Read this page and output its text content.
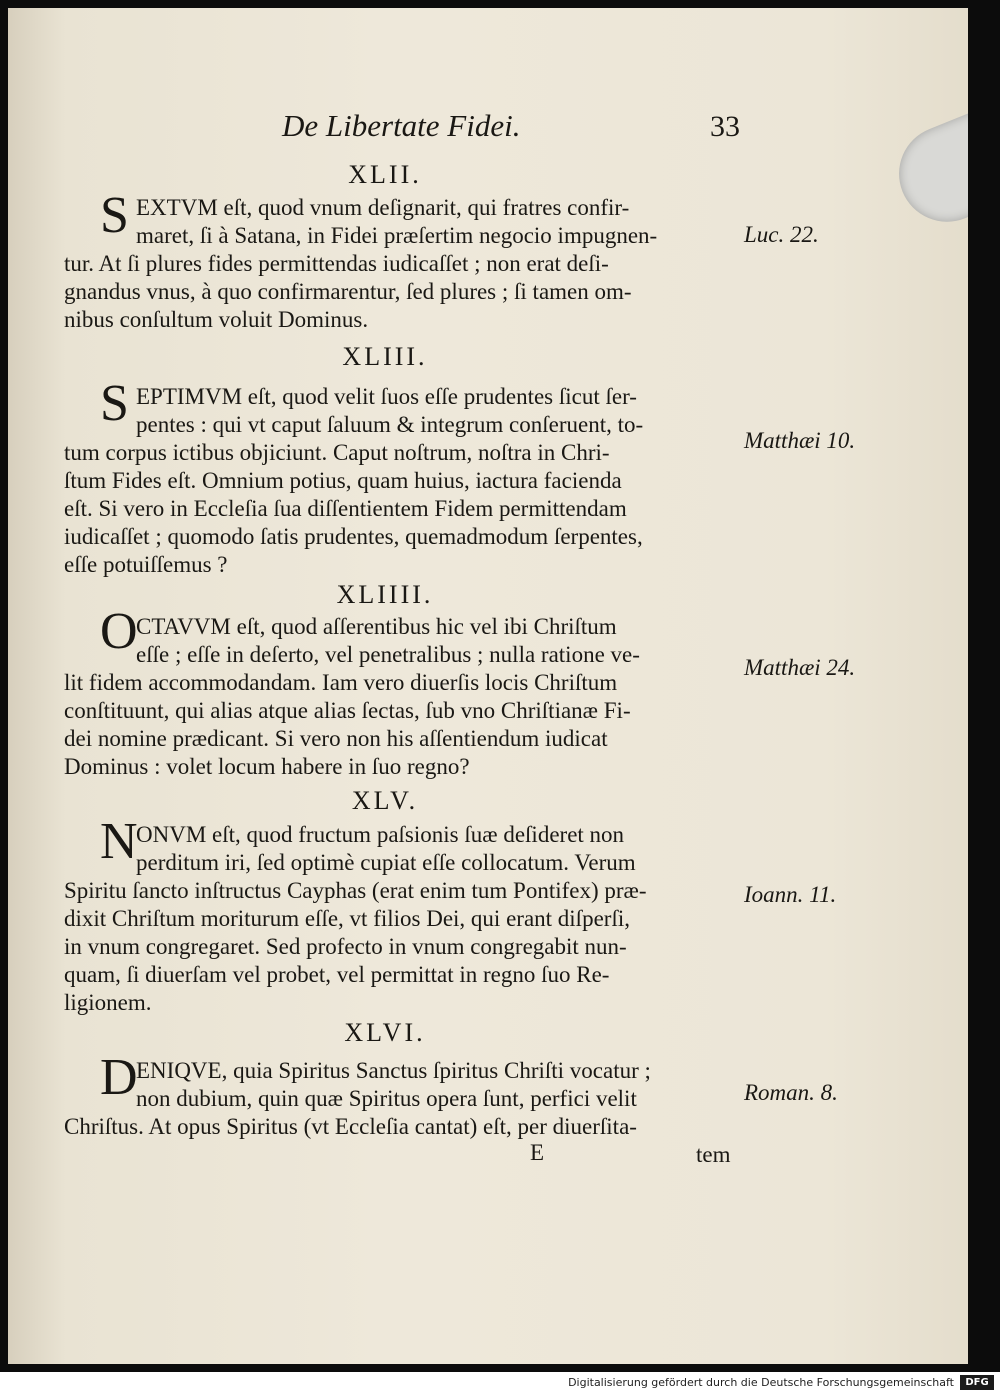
De Libertate Fidei.	33
XLII.
S EXTVM eſt, quod vnum deſignarit, qui fratres confir-
maret, ſi à Satana, in Fidei præſertim negocio impugnen-
tur. At ſi plures fides permittendas iudicaſſet ; non erat deſi-
gnandus vnus, à quo confirmarentur, ſed plures ; ſi tamen om-
nibus conſultum voluit Dominus.
Luc. 22.
XLIII.
S EPTIMVM eſt, quod velit ſuos eſſe prudentes ſicut ſer-
pentes : qui vt caput ſaluum & integrum conſeruent, to-
tum corpus ictibus objiciunt. Caput noſtrum, noſtra in Chri-
ſtum Fides eſt. Omnium potius, quam huius, iactura facienda
eſt. Si vero in Eccleſia ſua diſſentientem Fidem permittendam
iudicaſſet ; quomodo ſatis prudentes, quemadmodum ſerpentes,
eſſe potuiſſemus ?
Matthæi 10.
XLIIII.
O
CTAVVM eſt, quod aſſerentibus hic vel ibi Chriſtum
eſſe ; eſſe in deſerto, vel penetralibus ; nulla ratione ve-
lit fidem accommodandam. Iam vero diuerſis locis Chriſtum
conſtituunt, qui alias atque alias ſectas, ſub vno Chriſtianæ Fi-
dei nomine prædicant. Si vero non his aſſentiendum iudicat
Dominus : volet locum habere in ſuo regno?
Matthæi 24.
XLV.
N
ONVM eſt, quod fructum paſsionis ſuæ deſideret non
perditum iri, ſed optimè cupiat eſſe collocatum. Verum
Spiritu ſancto inſtructus Cayphas (erat enim tum Pontifex) præ-
dixit Chriſtum moriturum eſſe, vt filios Dei, qui erant diſperſi,
in vnum congregaret. Sed profecto in vnum congregabit nun-
quam, ſi diuerſam vel probet, vel permittat in regno ſuo Re-
ligionem.
Ioann. 11.
XLVI.
D
ENIQVE, quia Spiritus Sanctus ſpiritus Chriſti vocatur ;
non dubium, quin quæ Spiritus opera ſunt, perfici velit
Chriſtus. At opus Spiritus (vt Eccleſia cantat) eſt, per diuerſita-
Roman. 8.
E	tem
Digitalisierung gefördert durch die Deutsche Forschungsgemeinschaft	DFG
